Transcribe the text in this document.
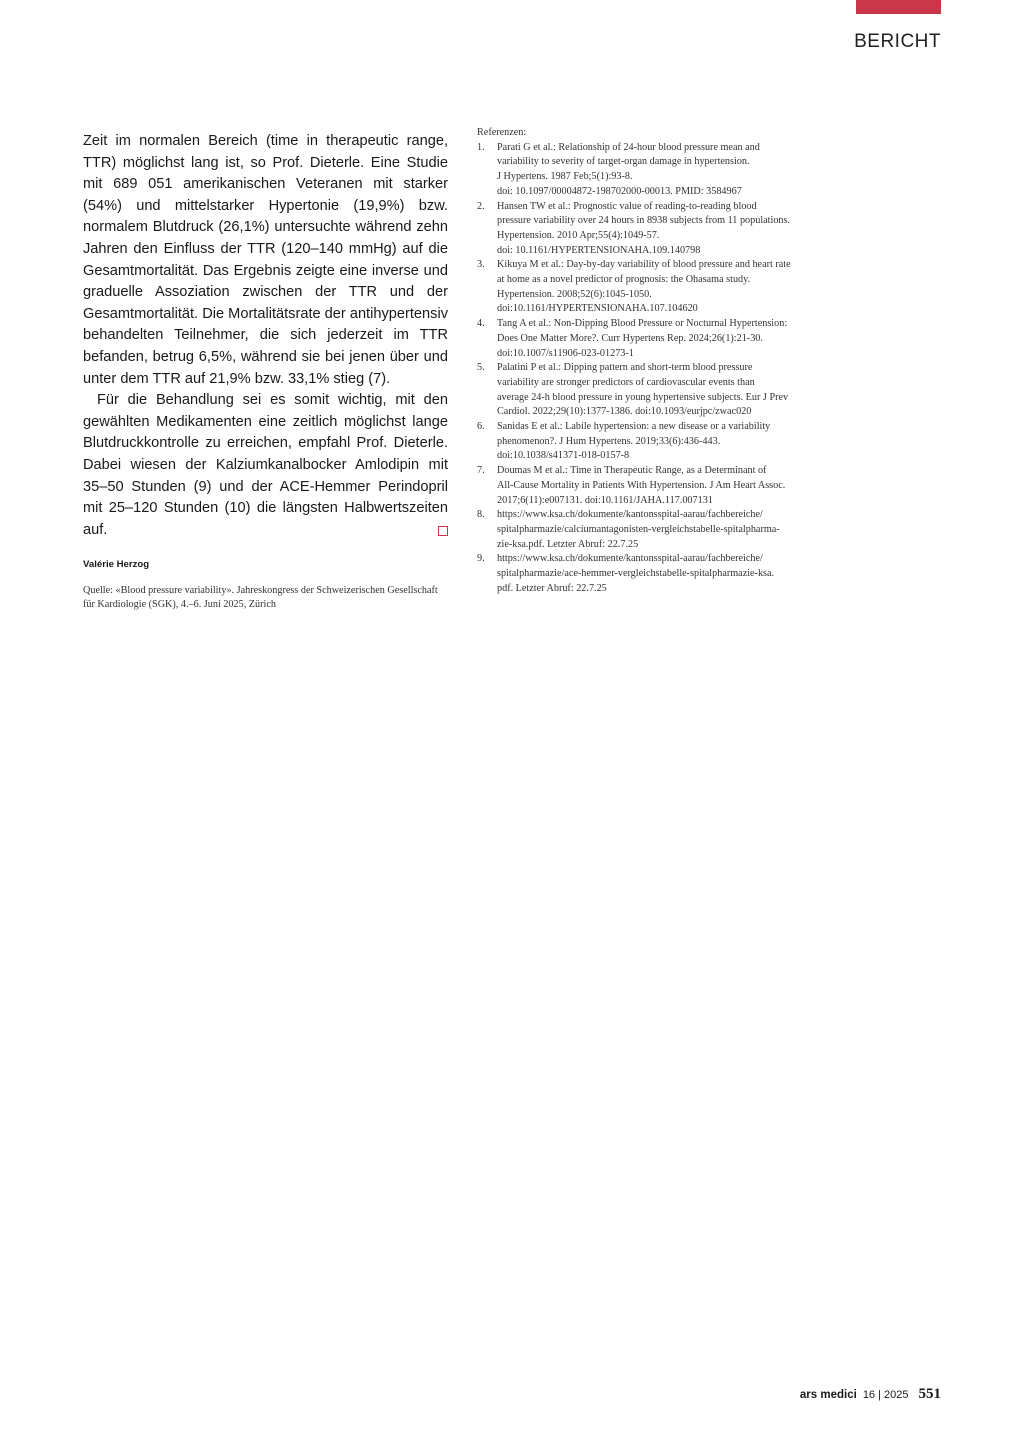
BERICHT

Zeit im normalen Bereich (time in therapeutic range, TTR) möglichst lang ist, so Prof. Dieterle. Eine Studie mit 689 051 amerikanischen Veteranen mit starker (54%) und mittelstarker Hypertonie (19,9%) bzw. normalem Blutdruck (26,1%) untersuchte während zehn Jahren den Einfluss der TTR (120–140 mmHg) auf die Gesamtmortalität. Das Ergebnis zeigte eine inverse und graduelle Assoziation zwischen der TTR und der Gesamtmortalität. Die Mortalitätsrate der antihypertensiv behandelten Teilnehmer, die sich jederzeit im TTR befanden, betrug 6,5%, während sie bei jenen über und unter dem TTR auf 21,9% bzw. 33,1% stieg (7).

Für die Behandlung sei es somit wichtig, mit den gewählten Medikamenten eine zeitlich möglichst lange Blutdruckkontrolle zu erreichen, empfahl Prof. Dieterle. Dabei wiesen der Kalziumkanalbocker Amlodipin mit 35–50 Stunden (9) und der ACE-Hemmer Perindopril mit 25–120 Stunden (10) die längsten Halbwertszeiten auf.

Valérie Herzog
Quelle: «Blood pressure variability». Jahreskongress der Schweizerischen Gesellschaft für Kardiologie (SGK), 4.–6. Juni 2025, Zürich

Referenzen:

1.	Parati G et al.: Relationship of 24-hour blood pressure mean and
variability to severity of target-organ damage in hypertension.
J Hypertens. 1987 Feb;5(1):93-8.
doi: 10.1097/00004872-198702000-00013. PMID: 3584967
2.	Hansen TW et al.: Prognostic value of reading-to-reading blood
pressure variability over 24 hours in 8938 subjects from 11 populations.
Hypertension. 2010 Apr;55(4):1049-57.
doi: 10.1161/HYPERTENSIONAHA.109.140798
3.	Kikuya M et al.: Day-by-day variability of blood pressure and heart rate
at home as a novel predictor of prognosis: the Ohasama study.
Hypertension. 2008;52(6):1045-1050.
doi:10.1161/HYPERTENSIONAHA.107.104620
4.	Tang A et al.: Non-Dipping Blood Pressure or Nocturnal Hypertension:
Does One Matter More?. Curr Hypertens Rep. 2024;26(1):21-30.
doi:10.1007/s11906-023-01273-1
5.	Palatini P et al.: Dipping pattern and short-term blood pressure
variability are stronger predictors of cardiovascular events than
average 24-h blood pressure in young hypertensive subjects. Eur J Prev
Cardiol. 2022;29(10):1377-1386. doi:10.1093/eurjpc/zwac020
6.	Sanidas E et al.: Labile hypertension: a new disease or a variability
phenomenon?. J Hum Hypertens. 2019;33(6):436-443.
doi:10.1038/s41371-018-0157-8
7.	Doumas M et al.: Time in Therapeutic Range, as a Determinant of
All-Cause Mortality in Patients With Hypertension. J Am Heart Assoc.
2017;6(11):e007131. doi:10.1161/JAHA.117.007131
8.	https://www.ksa.ch/dokumente/kantonsspital-aarau/fachbereiche/
spitalpharmazie/calciumantagonisten-vergleichstabelle-spitalpharma-
zie-ksa.pdf. Letzter Abruf: 22.7.25
9.	https://www.ksa.ch/dokumente/kantonsspital-aarau/fachbereiche/
spitalpharmazie/ace-hemmer-vergleichstabelle-spitalpharmazie-ksa.
pdf. Letzter Abruf: 22.7.25
ars medici 16 | 2025 551
